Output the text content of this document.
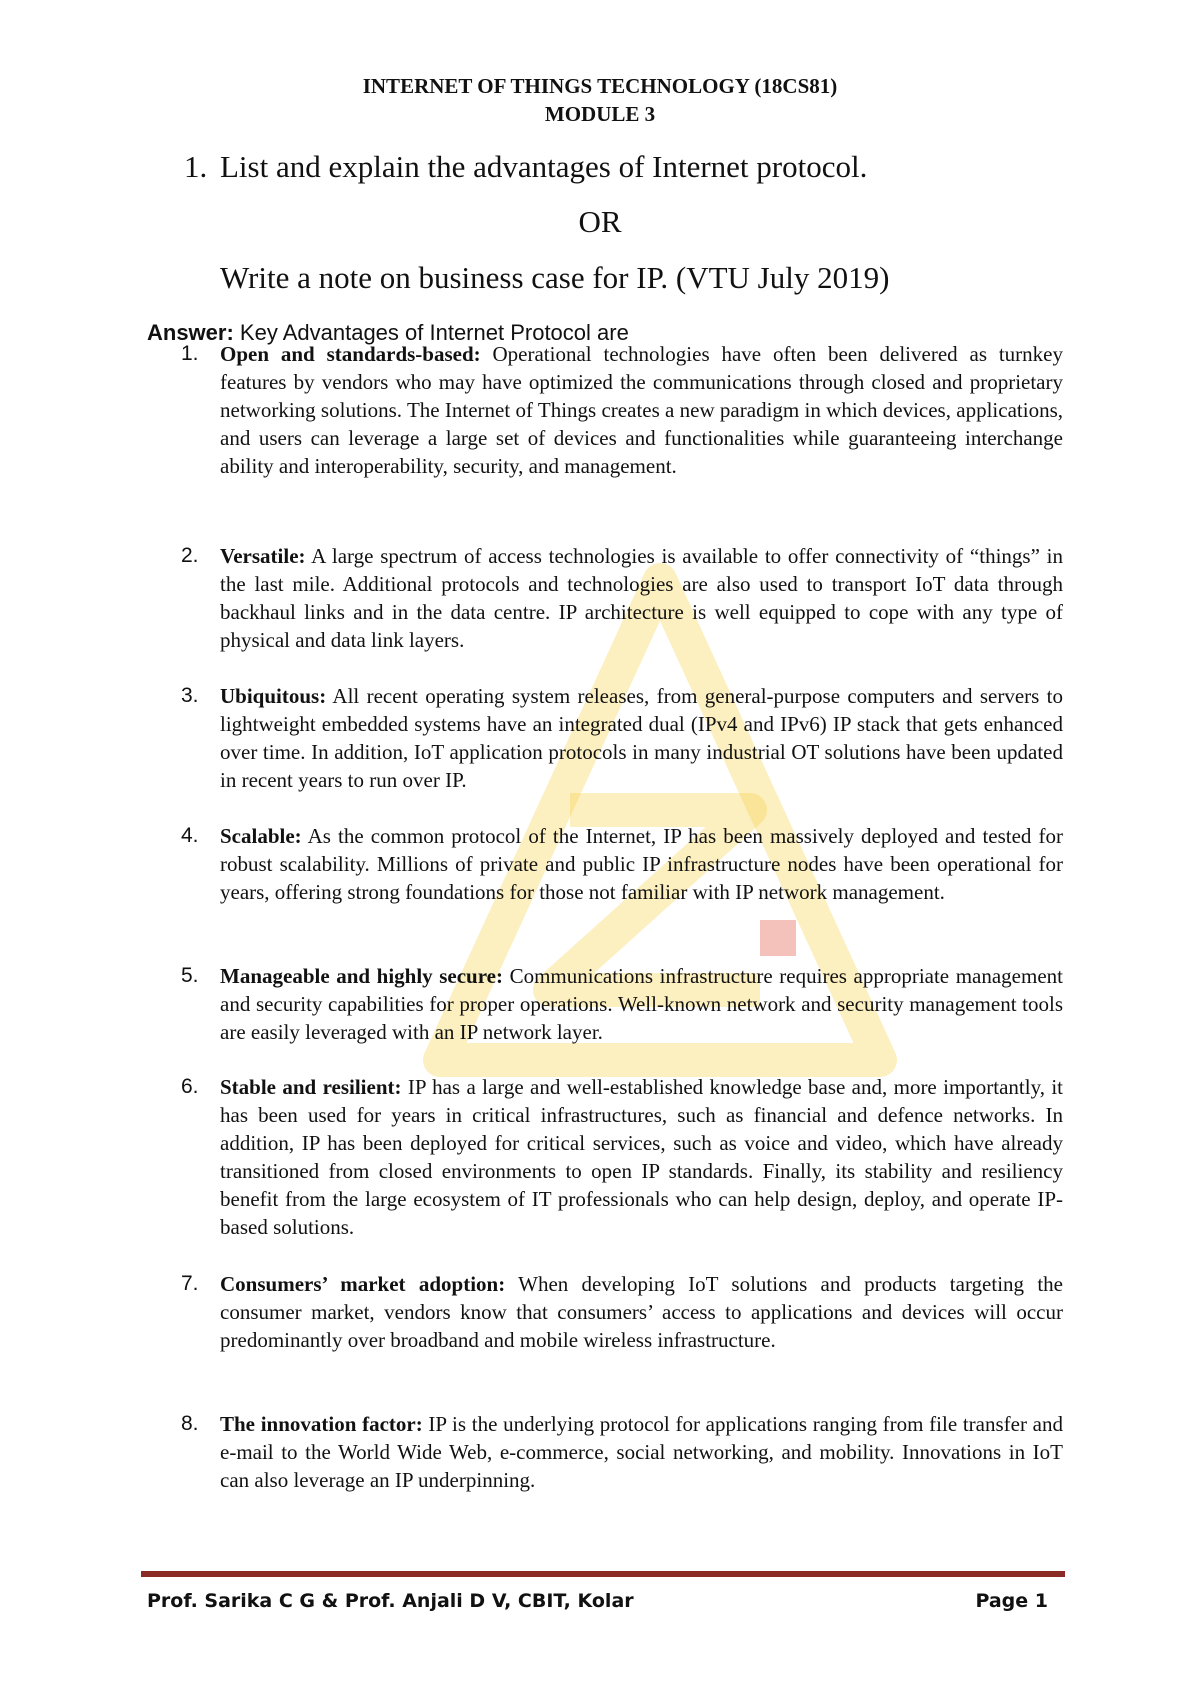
INTERNET OF THINGS TECHNOLOGY (18CS81)
MODULE 3
1. List and explain the advantages of Internet protocol.
OR
Write a note on business case for IP. (VTU July 2019)
Answer: Key Advantages of Internet Protocol are
1. Open and standards-based: Operational technologies have often been delivered as turnkey features by vendors who may have optimized the communications through closed and proprietary networking solutions. The Internet of Things creates a new paradigm in which devices, applications, and users can leverage a large set of devices and functionalities while guaranteeing interchange ability and interoperability, security, and management.
2. Versatile: A large spectrum of access technologies is available to offer connectivity of “things” in the last mile. Additional protocols and technologies are also used to transport IoT data through backhaul links and in the data centre. IP architecture is well equipped to cope with any type of physical and data link layers.
3. Ubiquitous: All recent operating system releases, from general-purpose computers and servers to lightweight embedded systems have an integrated dual (IPv4 and IPv6) IP stack that gets enhanced over time. In addition, IoT application protocols in many industrial OT solutions have been updated in recent years to run over IP.
4. Scalable: As the common protocol of the Internet, IP has been massively deployed and tested for robust scalability. Millions of private and public IP infrastructure nodes have been operational for years, offering strong foundations for those not familiar with IP network management.
5. Manageable and highly secure: Communications infrastructure requires appropriate management and security capabilities for proper operations. Well-known network and security management tools are easily leveraged with an IP network layer.
6. Stable and resilient: IP has a large and well-established knowledge base and, more importantly, it has been used for years in critical infrastructures, such as financial and defence networks. In addition, IP has been deployed for critical services, such as voice and video, which have already transitioned from closed environments to open IP standards. Finally, its stability and resiliency benefit from the large ecosystem of IT professionals who can help design, deploy, and operate IP-based solutions.
7. Consumers’ market adoption: When developing IoT solutions and products targeting the consumer market, vendors know that consumers’ access to applications and devices will occur predominantly over broadband and mobile wireless infrastructure.
8. The innovation factor: IP is the underlying protocol for applications ranging from file transfer and e-mail to the World Wide Web, e-commerce, social networking, and mobility. Innovations in IoT can also leverage an IP underpinning.
Prof. Sarika C G & Prof. Anjali D V, CBIT, Kolar	Page 1
